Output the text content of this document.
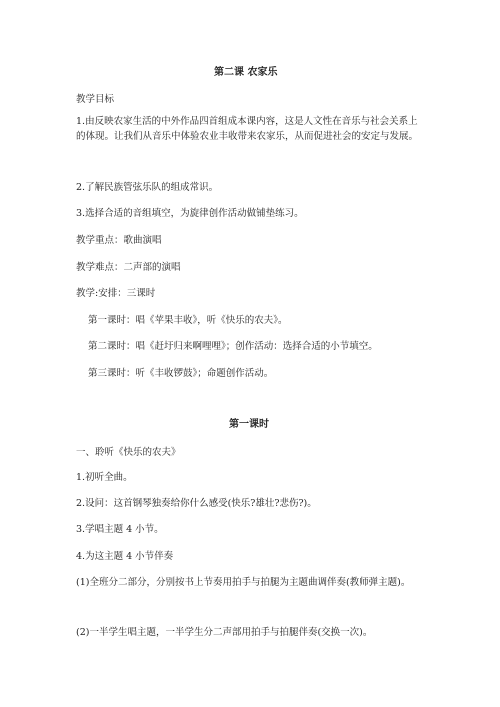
第二课 农家乐
教学目标
1.由反映农家生活的中外作品四首组成本课内容，这是人文性在音乐与社会关系上的体现。让我们从音乐中体验农业丰收带来农家乐，从而促进社会的安定与发展。
2.了解民族管弦乐队的组成常识。
3.选择合适的音组填空，为旋律创作活动做铺垫练习。
教学重点：歌曲演唱
教学难点：二声部的演唱
教学:安排：三课时
第一课时：唱《苹果丰收》，听《快乐的农夫》。
第二课时：唱《赶圩归来啊哩哩》；创作活动：选择合适的小节填空。
第三课时：听《丰收锣鼓》；命题创作活动。
第一课时
一、聆听《快乐的农夫》
1.初听全曲。
2.设问：这首钢琴独奏给你什么感受(快乐?雄壮?悲伤?)。
3.学唱主题 4 小节。
4.为这主题 4 小节伴奏
(1)全班分二部分，分别按书上节奏用拍手与拍腿为主题曲调伴奏(教师弹主题)。
(2)一半学生唱主题，一半学生分二声部用拍手与拍腿伴奏(交换一次)。
